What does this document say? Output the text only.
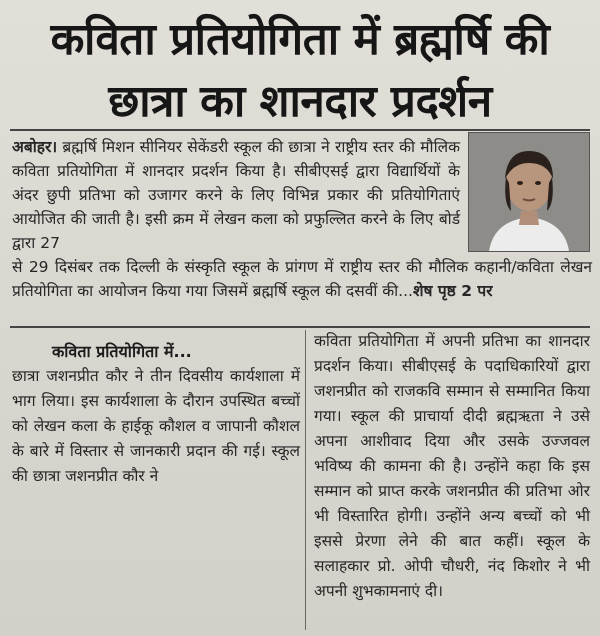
कविता प्रतियोगिता में ब्रह्मर्षि की
छात्रा का शानदार प्रदर्शन
अबोहर। ब्रह्मर्षि मिशन सीनियर सेकेंडरी स्कूल की छात्रा ने राष्ट्रीय स्तर की मौलिक कविता प्रतियोगिता में शानदार प्रदर्शन किया है। सीबीएसई द्वारा विद्यार्थियों के अंदर छुपी प्रतिभा को उजागर करने के लिए विभिन्न प्रकार की प्रतियोगिताएं आयोजित की जाती है। इसी क्रम में लेखन कला को प्रफुल्लित करने के लिए बोर्ड द्वारा 27
से 29 दिसंबर तक दिल्ली के संस्कृति स्कूल के प्रांगण में राष्ट्रीय स्तर की मौलिक कहानी/कविता लेखन प्रतियोगिता का आयोजन किया गया जिसमें ब्रह्मर्षि स्कूल की दसवीं की...शेष पृष्ठ 2 पर
कविता प्रतियोगिता में...
छात्रा जशनप्रीत कौर ने तीन दिवसीय कार्यशाला में भाग लिया। इस कार्यशाला के दौरान उपस्थित बच्चों को लेखन कला के हाईकू कौशल व जापानी कौशल के बारे में विस्तार से जानकारी प्रदान की गई। स्कूल की छात्रा जशनप्रीत कौर ने
कविता प्रतियोगिता में अपनी प्रतिभा का शानदार प्रदर्शन किया। सीबीएसई के पदाधिकारियों द्वारा जशनप्रीत को राजकवि सम्मान से सम्मानित किया गया। स्कूल की प्राचार्या दीदी ब्रह्मऋता ने उसे अपना आशीवाद दिया और उसके उज्जवल भविष्य की कामना की है। उन्होंने कहा कि इस सम्मान को प्राप्त करके जशनप्रीत की प्रतिभा ओर भी विस्तारित होगी। उन्होंने अन्य बच्चों को भी इससे प्रेरणा लेने की बात कहीं। स्कूल के सलाहकार प्रो. ओपी चौधरी, नंद किशोर ने भी अपनी शुभकामनाएं दी।
